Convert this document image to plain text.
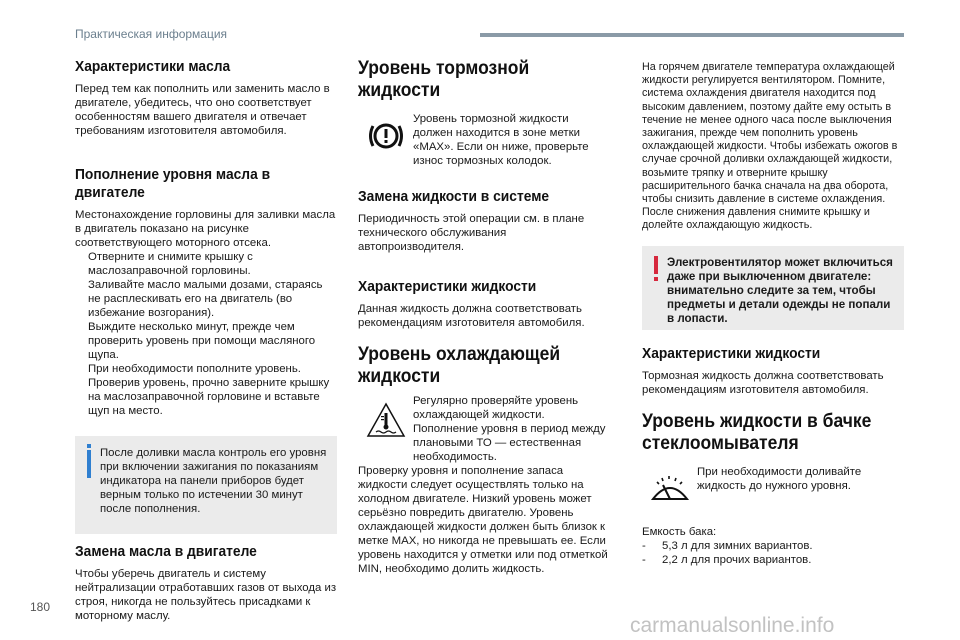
Практическая информация
Характеристики масла

Перед тем как пополнить или заменить масло в двигателе, убедитесь, что оно соответствует особенностям вашего двигателя и отвечает требованиям изготовителя автомобиля.

Пополнение уровня масла в двигателе

Местонахождение горловины для заливки масла в двигатель показано на рисунке соответствующего моторного отсека.

Отверните и снимите крышку с маслозаправочной горловины.
Заливайте масло малыми дозами, стараясь не расплескивать его на двигатель (во избежание возгорания).
Выждите несколько минут, прежде чем проверить уровень при помощи масляного щупа.
При необходимости пополните уровень.
Проверив уровень, прочно заверните крышку на маслозаправочной горловине и вставьте щуп на место.
После доливки масла контроль его уровня при включении зажигания по показаниям индикатора на панели приборов будет верным только по истечении 30 минут после пополнения.
Замена масла в двигателе

Чтобы уберечь двигатель и систему нейтрализации отработавших газов от выхода из строя, никогда не пользуйтесь присадками к моторному маслу.

Уровень тормозной жидкости

Уровень тормозной жидкости должен находится в зоне метки «MAX». Если он ниже, проверьте износ тормозных колодок.

Замена жидкости в системе

Периодичность этой операции см. в плане технического обслуживания автопроизводителя.

Характеристики жидкости

Данная жидкость должна соответствовать рекомендациям изготовителя автомобиля.

Уровень охлаждающей жидкости

Регулярно проверяйте уровень охлаждающей жидкости. Пополнение уровня в период между плановыми ТО — естественная необходимость.

Проверку уровня и пополнение запаса жидкости следует осуществлять только на холодном двигателе. Низкий уровень может серьёзно повредить двигателю. Уровень охлаждающей жидкости должен быть близок к метке MAX, но никогда не превышать ее. Если уровень находится у отметки или под отметкой MIN, необходимо долить жидкость.

На горячем двигателе температура охлаждающей жидкости регулируется вентилятором. Помните, система охлаждения двигателя находится под высоким давлением, поэтому дайте ему остыть в течение не менее одного часа после выключения зажигания, прежде чем пополнить уровень охлаждающей жидкости. Чтобы избежать ожогов в случае срочной доливки охлаждающей жидкости, возьмите тряпку и отверните крышку расширительного бачка сначала на два оборота, чтобы снизить давление в системе охлаждения. После снижения давления снимите крышку и долейте охлаждающую жидкость.

Электровентилятор может включиться даже при выключенном двигателе: внимательно следите за тем, чтобы предметы и детали одежды не попали в лопасти.
Характеристики жидкости

Тормозная жидкость должна соответствовать рекомендациям изготовителя автомобиля.

Уровень жидкости в бачке стеклоомывателя

При необходимости доливайте жидкость до нужного уровня.

Емкость бака:

-	5,3 л для зимних вариантов.
-	2,2 л для прочих вариантов.
180
carmanualsonline.info
